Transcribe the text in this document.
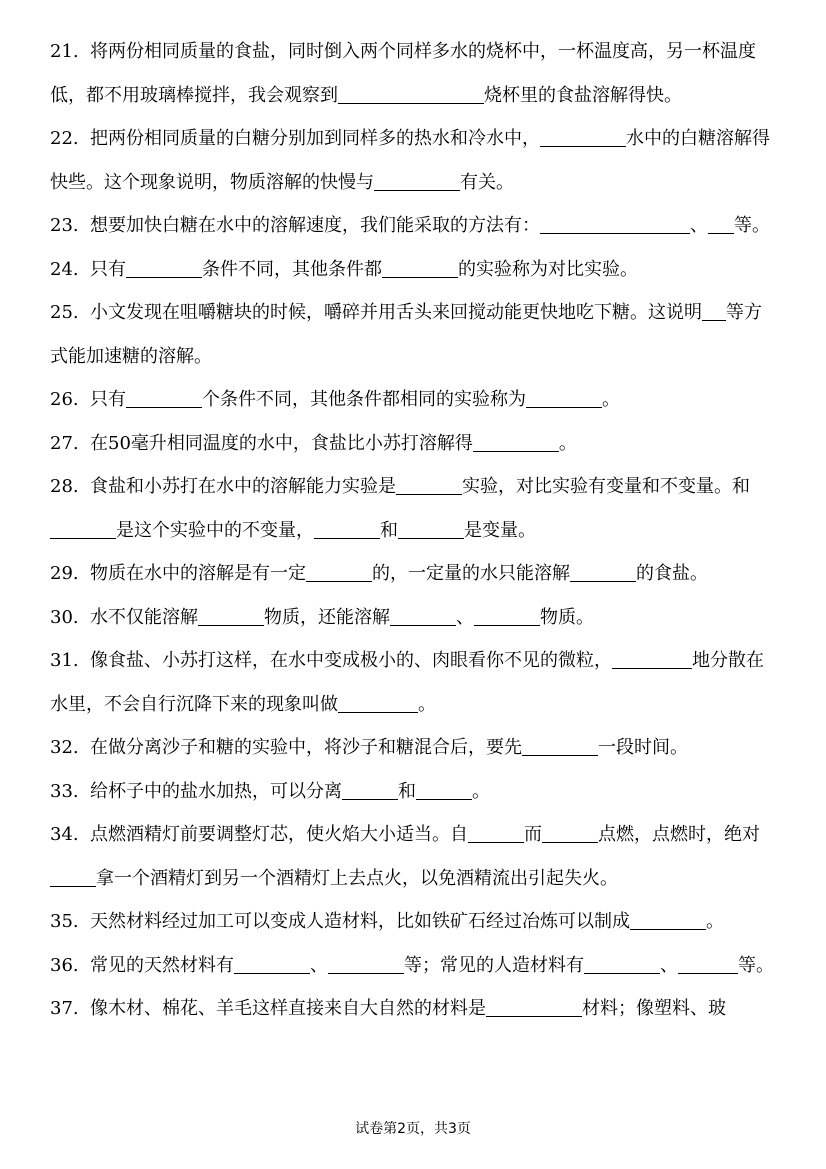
21. 将两份相同质量的食盐，同时倒入两个同样多水的烧杯中，一杯温度高，另一杯温度低，都不用玻璃棒搅拌，我会观察到	烧杯里的食盐溶解得快。
22. 把两份相同质量的白糖分别加到同样多的热水和冷水中，	水中的白糖溶解得快些。这个现象说明，物质溶解的快慢与	有关。
23. 想要加快白糖在水中的溶解速度，我们能采取的方法有：	、 等。
24. 只有	条件不同，其他条件都	的实验称为对比实验。
25. 小文发现在咀嚼糖块的时候，嚼碎并用舌头来回搅动能更快地吃下糖。这说明 等方式能加速糖的溶解。
26. 只有	个条件不同，其他条件都相同的实验称为	。
27. 在50毫升相同温度的水中，食盐比小苏打溶解得	。
28. 食盐和小苏打在水中的溶解能力实验是	实验，对比实验有变量和不变量。和是这个实验中的不变量，	和	是变量。
29. 物质在水中的溶解是有一定	的，一定量的水只能溶解	的食盐。
30. 水不仅能溶解	物质，还能溶解	、	物质。
31. 像食盐、小苏打这样，在水中变成极小的、肉眼看你不见的微粒，	地分散在水里，不会自行沉降下来的现象叫做	。
32. 在做分离沙子和糖的实验中，将沙子和糖混合后，要先	一段时间。
33. 给杯子中的盐水加热，可以分离	和	。
34. 点燃酒精灯前要调整灯芯，使火焰大小适当。自	而	点燃，点燃时，绝对拿一个酒精灯到另一个酒精灯上去点火，以免酒精流出引起失火。
35. 天然材料经过加工可以变成人造材料，比如铁矿石经过冶炼可以制成	。
36. 常见的天然材料有	、	等；常见的人造材料有	、	等。
37. 像木材、棉花、羊毛这样直接来自大自然的材料是	材料；像塑料、玻
试卷第2页，共3页
